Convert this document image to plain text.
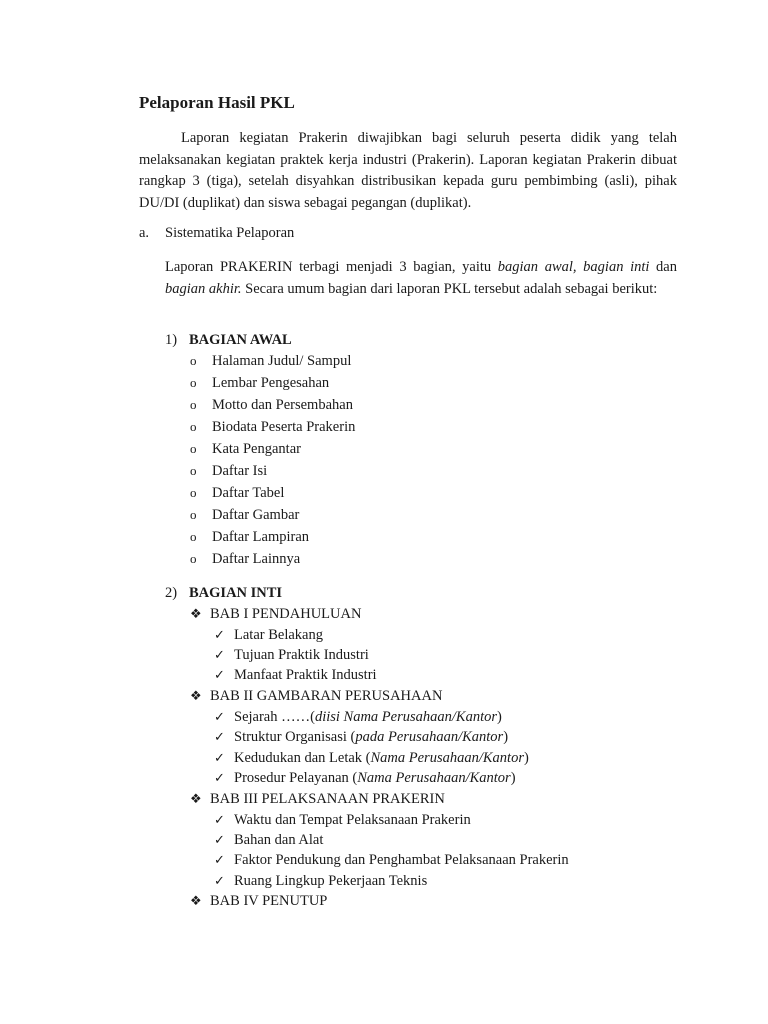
Pelaporan Hasil PKL

Laporan kegiatan Prakerin diwajibkan bagi seluruh peserta didik yang telah melaksanakan kegiatan praktek kerja industri (Prakerin). Laporan kegiatan Prakerin dibuat rangkap 3 (tiga), setelah disyahkan distribusikan kepada guru pembimbing (asli), pihak DU/DI (duplikat) dan siswa sebagai pegangan (duplikat).

a. Sistematika Pelaporan

Laporan PRAKERIN terbagi menjadi 3 bagian, yaitu bagian awal, bagian inti dan bagian akhir. Secara umum bagian dari laporan PKL tersebut adalah sebagai berikut:

1) BAGIAN AWAL
o Halaman Judul/ Sampul
o Lembar Pengesahan
o Motto dan Persembahan
o Biodata Peserta Prakerin
o Kata Pengantar
o Daftar Isi
o Daftar Tabel
o Daftar Gambar
o Daftar Lampiran
o Daftar Lainnya
2) BAGIAN INTI
❖ BAB I PENDAHULUAN
✓ Latar Belakang
✓ Tujuan Praktik Industri
✓ Manfaat Praktik Industri
❖ BAB II GAMBARAN PERUSAHAAN
✓ Sejarah ……(diisi Nama Perusahaan/Kantor)
✓ Struktur Organisasi (pada Perusahaan/Kantor)
✓ Kedudukan dan Letak (Nama Perusahaan/Kantor)
✓ Prosedur Pelayanan (Nama Perusahaan/Kantor)
❖ BAB III PELAKSANAAN PRAKERIN
✓ Waktu dan Tempat Pelaksanaan Prakerin
✓ Bahan dan Alat
✓ Faktor Pendukung dan Penghambat Pelaksanaan Prakerin
✓ Ruang Lingkup Pekerjaan Teknis
❖ BAB IV PENUTUP
